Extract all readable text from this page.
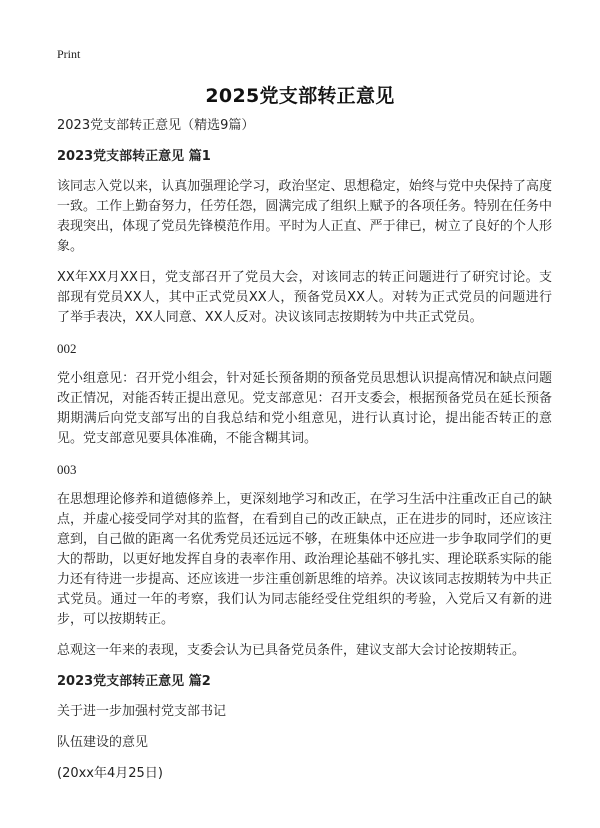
Print
2025党支部转正意见

2023党支部转正意见（精选9篇）

2023党支部转正意见 篇1

该同志入党以来，认真加强理论学习，政治坚定、思想稳定，始终与党中央保持了高度一致。工作上勤奋努力，任劳任怨，圆满完成了组织上赋予的各项任务。特别在任务中表现突出，体现了党员先锋模范作用。平时为人正直、严于律已，树立了良好的个人形象。

XX年XX月XX日，党支部召开了党员大会，对该同志的转正问题进行了研究讨论。支部现有党员XX人，其中正式党员XX人，预备党员XX人。对转为正式党员的问题进行了举手表决，XX人同意、XX人反对。决议该同志按期转为中共正式党员。

002

党小组意见：召开党小组会，针对延长预备期的预备党员思想认识提高情况和缺点问题改正情况，对能否转正提出意见。党支部意见：召开支委会，根据预备党员在延长预备期期满后向党支部写出的自我总结和党小组意见，进行认真讨论，提出能否转正的意见。党支部意见要具体准确，不能含糊其词。

003

在思想理论修养和道德修养上，更深刻地学习和改正，在学习生活中注重改正自己的缺点，并虚心接受同学对其的监督，在看到自己的改正缺点，正在进步的同时，还应该注意到，自己做的距离一名优秀党员还远远不够，在班集体中还应进一步争取同学们的更大的帮助，以更好地发挥自身的表率作用、政治理论基础不够扎实、理论联系实际的能力还有待进一步提高、还应该进一步注重创新思维的培养。决议该同志按期转为中共正式党员。通过一年的考察，我们认为同志能经受住党组织的考验，入党后又有新的进步，可以按期转正。

总观这一年来的表现，支委会认为已具备党员条件，建议支部大会讨论按期转正。

2023党支部转正意见 篇2

关于进一步加强村党支部书记

队伍建设的意见

(20xx年4月25日)
